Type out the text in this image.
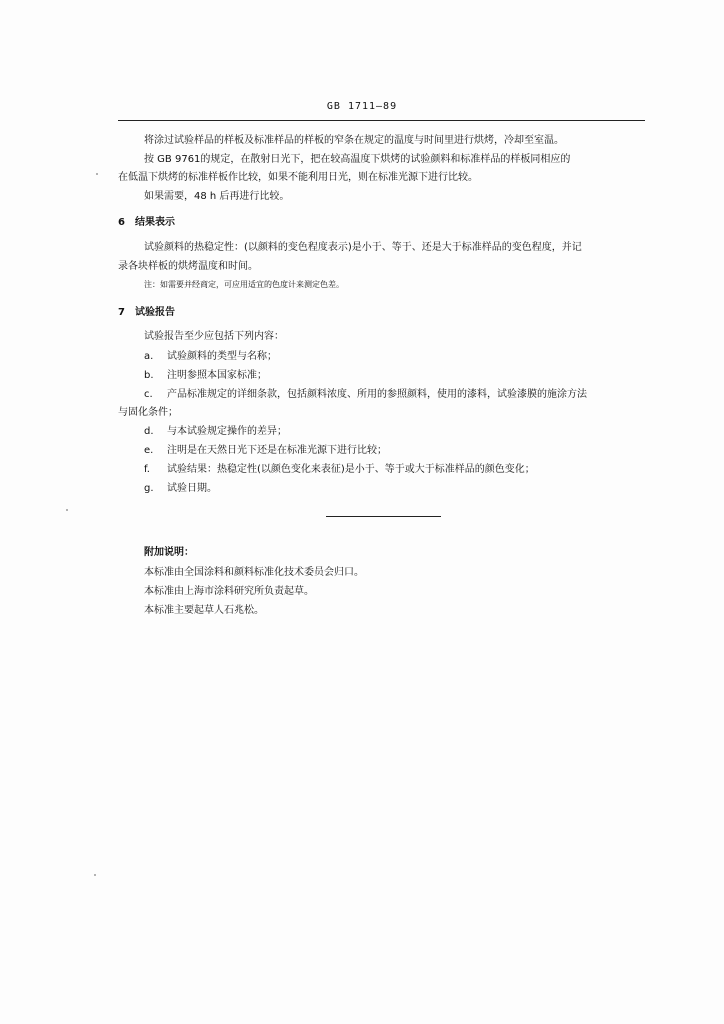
GB 1711—89
将涂过试验样品的样板及标准样品的样板的窄条在规定的温度与时间里进行烘烤，冷却至室温。
按 GB 9761的规定，在散射日光下，把在较高温度下烘烤的试验颜料和标准样品的样板同相应的
在低温下烘烤的标准样板作比较，如果不能利用日光，则在标准光源下进行比较。
如果需要，48 h 后再进行比较。
6　结果表示
试验颜料的热稳定性：(以颜料的变色程度表示)是小于、等于、还是大于标准样品的变色程度，并记
录各块样板的烘烤温度和时间。
注：如需要并经商定，可应用适宜的色度计来测定色差。
7　试验报告
试验报告至少应包括下列内容：
a. 试验颜料的类型与名称；
b. 注明参照本国家标准；
c. 产品标准规定的详细条款，包括颜料浓度、所用的参照颜料，使用的漆料，试验漆膜的施涂方法
与固化条件；
d. 与本试验规定操作的差异；
e. 注明是在天然日光下还是在标准光源下进行比较；
f. 试验结果：热稳定性(以颜色变化来表征)是小于、等于或大于标准样品的颜色变化；
g. 试验日期。
附加说明：
本标准由全国涂料和颜料标准化技术委员会归口。
本标准由上海市涂料研究所负责起草。
本标准主要起草人石兆松。
